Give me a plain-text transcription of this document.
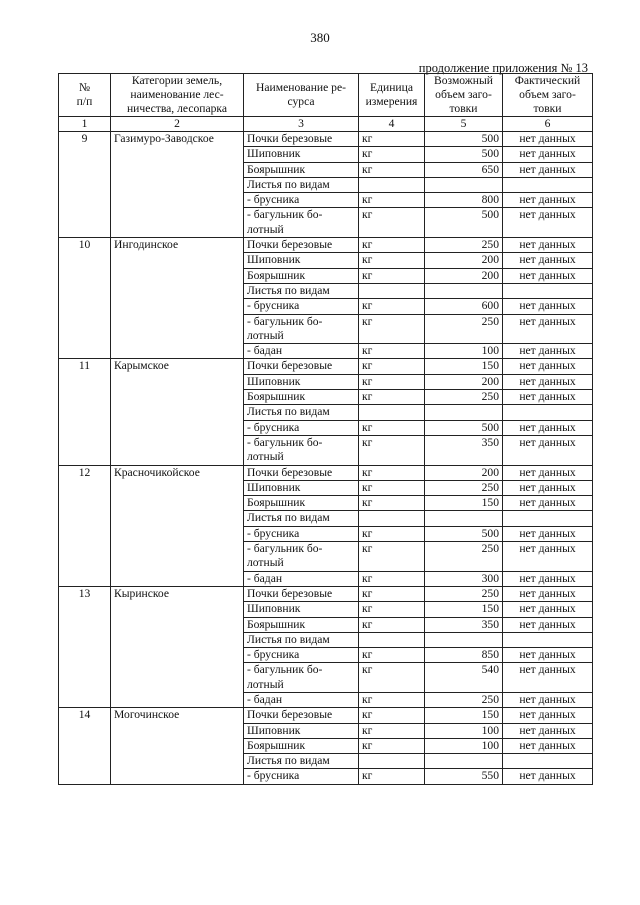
380
продолжение приложения № 13
№
п/п	Категории земель,
наименование лес-
ничества, лесопарка	Наименование ре-
сурса	Единица
измерения	Возможный
объем заго-
товки	Фактический
объем заго-
товки
1	2	3	4	5	6
9	Газимуро-Заводское	Почки березовые	кг	500	нет данных
		Шиповник	кг	500	нет данных
		Боярышник	кг	650	нет данных
		Листья по видам			
		- брусника	кг	800	нет данных
		- багульник бо-
лотный	кг	500	нет данных
10	Ингодинское	Почки березовые	кг	250	нет данных
		Шиповник	кг	200	нет данных
		Боярышник	кг	200	нет данных
		Листья по видам			
		- брусника	кг	600	нет данных
		- багульник бо-
лотный	кг	250	нет данных
		- бадан	кг	100	нет данных
11	Карымское	Почки березовые	кг	150	нет данных
		Шиповник	кг	200	нет данных
		Боярышник	кг	250	нет данных
		Листья по видам			
		- брусника	кг	500	нет данных
		- багульник бо-
лотный	кг	350	нет данных
12	Красночикойское	Почки березовые	кг	200	нет данных
		Шиповник	кг	250	нет данных
		Боярышник	кг	150	нет данных
		Листья по видам			
		- брусника	кг	500	нет данных
		- багульник бо-
лотный	кг	250	нет данных
		- бадан	кг	300	нет данных
13	Кыринское	Почки березовые	кг	250	нет данных
		Шиповник	кг	150	нет данных
		Боярышник	кг	350	нет данных
		Листья по видам			
		- брусника	кг	850	нет данных
		- багульник бо-
лотный	кг	540	нет данных
		- бадан	кг	250	нет данных
14	Могочинское	Почки березовые	кг	150	нет данных
		Шиповник	кг	100	нет данных
		Боярышник	кг	100	нет данных
		Листья по видам			
		- брусника	кг	550	нет данных
